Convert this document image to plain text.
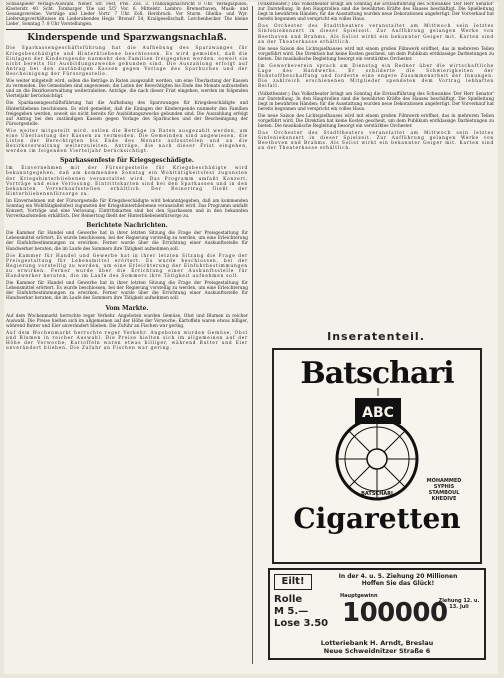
Schauspieler Verlags-Auswahl. Nener. Str. Fest, Prei. Zos. 3. Tralkungsnachricht 8 Uhr. Verlagsspoleu. Klosterstr. 40. Scht. Tombarger 'Die uat 5/5' Vor. 6. Mittelstr. Lambro. Bremerhaven, Musik- und Gesangsvereine. Vorträge und Lieder Vortr. 7 Uhr. Zoll. Hersbruck. Vor Sturm. Ghellia- und Wyr. Lieferungsverhältnisse im Liederabendes Hegis 'Bronsil' 54, Krailgesellschaft. Lerchenhecker 'Die kleine Liebe', Sonntag 7. 8 Uhr Vorstellungen.

Kinderspende und Sparzwangsnachlaß.

Die Sparkassengeschäftsführung hat die Aufhebung des Sparzwanges für Kriegsbeschädigte und Hinterbliebene beschlossen. Es wird gemeldet, daß die Einlagen der Kinderspende nunmehr den Familien freigegeben werden, soweit sie nicht bereits für Ausbildungszwecke gebunden sind. Die Auszahlung erfolgt auf Antrag bei den zuständigen Kassen gegen Vorlage des Sparbuches und der Bescheinigung der Fürsorgestelle.

Wie weiter mitgeteilt wird, sollen die Beträge in Raten ausgezahlt werden, um eine Überlastung der Kassen zu vermeiden. Die Gemeinden sind angewiesen, die Listen der Berechtigten bis Ende des Monats aufzustellen und an die Bezirksverwaltung weiterzuleiten. Anträge, die nach dieser Frist eingehen, werden im folgenden Vierteljahr berücksichtigt.

Die Sparkassengeschäftsführung hat die Aufhebung des Sparzwanges für Kriegsbeschädigte und Hinterbliebene beschlossen. Es wird gemeldet, daß die Einlagen der Kinderspende nunmehr den Familien freigegeben werden, soweit sie nicht bereits für Ausbildungszwecke gebunden sind. Die Auszahlung erfolgt auf Antrag bei den zuständigen Kassen gegen Vorlage des Sparbuches und der Bescheinigung der Fürsorgestelle.

Wie weiter mitgeteilt wird, sollen die Beträge in Raten ausgezahlt werden, um eine Überlastung der Kassen zu vermeiden. Die Gemeinden sind angewiesen, die Listen der Berechtigten bis Ende des Monats aufzustellen und an die Bezirksverwaltung weiterzuleiten. Anträge, die nach dieser Frist eingehen, werden im folgenden Vierteljahr berücksichtigt.

Sparkassenfeste für Kriegsgeschädigte.

Im Einvernehmen mit der Fürsorgestelle für Kriegsbeschädigte wird bekanntgegeben, daß am kommenden Sonntag ein Wohltätigkeitsfest zugunsten der Kriegshinterbliebenen veranstaltet wird. Das Programm umfaßt Konzert, Vorträge und eine Verlosung. Eintrittskarten sind bei den Sparkassen und in den bekannten Vorverkaufsstellen erhältlich. Der Reinertrag fließt der Hinterbliebenenfürsorge zu.

Im Einvernehmen mit der Fürsorgestelle für Kriegsbeschädigte wird bekanntgegeben, daß am kommenden Sonntag ein Wohltätigkeitsfest zugunsten der Kriegshinterbliebenen veranstaltet wird. Das Programm umfaßt Konzert, Vorträge und eine Verlosung. Eintrittskarten sind bei den Sparkassen und in den bekannten Vorverkaufsstellen erhältlich. Der Reinertrag fließt der Hinterbliebenenfürsorge zu.

Berichtete Nachrichten.

Die Kammer für Handel und Gewerbe hat in ihrer letzten Sitzung die Frage der Preisgestaltung für Lebensmittel erörtert. Es wurde beschlossen, bei der Regierung vorstellig zu werden, um eine Erleichterung der Einfuhrbestimmungen zu erwirken. Ferner wurde über die Errichtung einer Auskunftsstelle für Handwerker beraten, die im Laufe des Sommers ihre Tätigkeit aufnehmen soll.

Die Kammer für Handel und Gewerbe hat in ihrer letzten Sitzung die Frage der Preisgestaltung für Lebensmittel erörtert. Es wurde beschlossen, bei der Regierung vorstellig zu werden, um eine Erleichterung der Einfuhrbestimmungen zu erwirken. Ferner wurde über die Errichtung einer Auskunftsstelle für Handwerker beraten, die im Laufe des Sommers ihre Tätigkeit aufnehmen soll.

Die Kammer für Handel und Gewerbe hat in ihrer letzten Sitzung die Frage der Preisgestaltung für Lebensmittel erörtert. Es wurde beschlossen, bei der Regierung vorstellig zu werden, um eine Erleichterung der Einfuhrbestimmungen zu erwirken. Ferner wurde über die Errichtung einer Auskunftsstelle für Handwerker beraten, die im Laufe des Sommers ihre Tätigkeit aufnehmen soll.

Vom Markte.

Auf dem Wochenmarkt herrschte reger Verkehr. Angeboten wurden Gemüse, Obst und Blumen in reicher Auswahl. Die Preise hielten sich im allgemeinen auf der Höhe der Vorwoche; Kartoffeln waren etwas billiger, während Butter und Eier unverändert blieben. Die Zufuhr an Fischen war gering.

Auf dem Wochenmarkt herrschte reger Verkehr. Angeboten wurden Gemüse, Obst und Blumen in reicher Auswahl. Die Preise hielten sich im allgemeinen auf der Höhe der Vorwoche; Kartoffeln waren etwas billiger, während Butter und Eier unverändert blieben. Die Zufuhr an Fischen war gering.

(Volkstheater.) Das Volkstheater bringt am Sonntag die Erstaufführung des Schwankes 'Der Herr Senator' zur Darstellung. In den Hauptrollen sind die bewährten Kräfte des Hauses beschäftigt. Die Spielleitung liegt in bewährten Händen; für die Ausstattung wurden neue Dekorationen angefertigt. Der Vorverkauf hat bereits begonnen und verspricht ein volles Haus.

Das Orchester des Stadttheaters veranstaltet am Mittwoch sein letztes Sinfoniekonzert in dieser Spielzeit. Zur Aufführung gelangen Werke von Beethoven und Brahms. Als Solist wirkt ein bekannter Geiger mit. Karten sind an der Theaterkasse erhältlich.

Die neue Saison des Lichtspielhauses wird mit einem großen Filmwerk eröffnet, das in mehreren Teilen vorgeführt wird. Die Direktion hat keine Kosten gescheut, um dem Publikum erstklassige Darbietungen zu bieten. Die musikalische Begleitung besorgt ein verstärktes Orchester.

Im Gewerbeverein sprach am Dienstag ein Redner über die wirtschaftliche Lage des Handwerks. Er schilderte die Schwierigkeiten der Rohstoffbeschaffung und forderte eine engere Zusammenarbeit der Innungen. Die zahlreich erschienenen Mitglieder spendeten dem Vortrag lebhaften Beifall.

(Volkstheater.) Das Volkstheater bringt am Sonntag die Erstaufführung des Schwankes 'Der Herr Senator' zur Darstellung. In den Hauptrollen sind die bewährten Kräfte des Hauses beschäftigt. Die Spielleitung liegt in bewährten Händen; für die Ausstattung wurden neue Dekorationen angefertigt. Der Vorverkauf hat bereits begonnen und verspricht ein volles Haus.

Die neue Saison des Lichtspielhauses wird mit einem großen Filmwerk eröffnet, das in mehreren Teilen vorgeführt wird. Die Direktion hat keine Kosten gescheut, um dem Publikum erstklassige Darbietungen zu bieten. Die musikalische Begleitung besorgt ein verstärktes Orchester.

Das Orchester des Stadttheaters veranstaltet am Mittwoch sein letztes Sinfoniekonzert in dieser Spielzeit. Zur Aufführung gelangen Werke von Beethoven und Brahms. Als Solist wirkt ein bekannter Geiger mit. Karten sind an der Theaterkasse erhältlich.

Inseratenteil.
Batschari
ABC
BATSCHARI
MOHAMMED
SYPHIS
STAMBOUL
KHEDIVE
Cigaretten
Eilt!	In der 4. u. 5. Ziehung 20 Millionen
Hoffen Sie das Glück!
Rolle
M 5.—
Lose 3.50
Hauptgewinn
100000
Ziehung 12. u. 13. Juli
Lotteriebank H. Arndt, Breslau
Neue Schweidnitzer Straße 6
